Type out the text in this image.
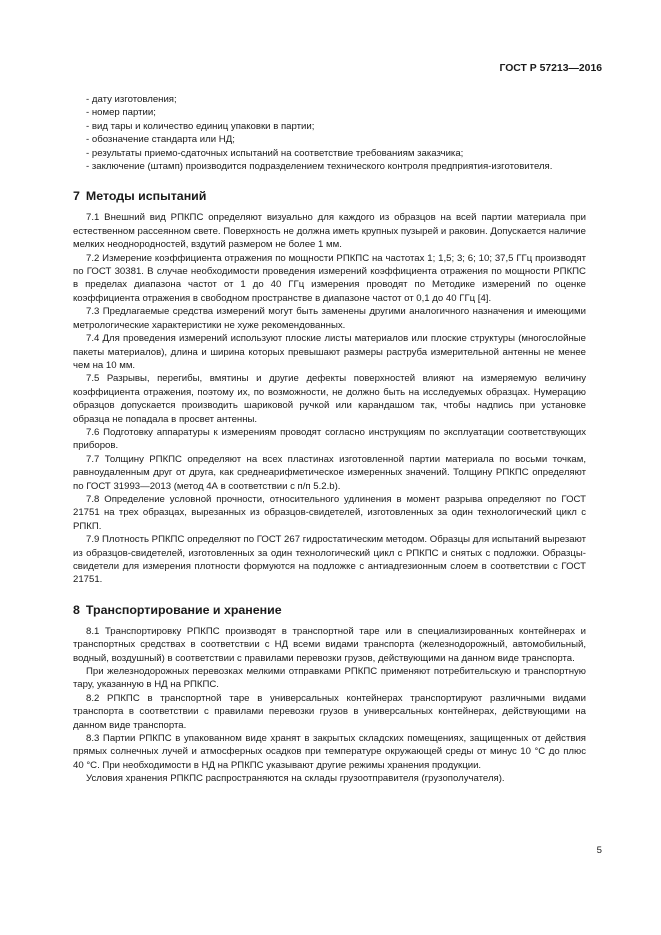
ГОСТ Р 57213—2016

- дату изготовления;

- номер партии;

- вид тары и количество единиц упаковки в партии;

- обозначение стандарта или НД;

- результаты приемо-сдаточных испытаний на соответствие требованиям заказчика;

- заключение (штамп) производится подразделением технического контроля предприятия-изготовителя.

7 Методы испытаний

7.1 Внешний вид РПКПС определяют визуально для каждого из образцов на всей партии материала при естественном рассеянном свете. Поверхность не должна иметь крупных пузырей и раковин. Допускается наличие мелких неоднородностей, вздутий размером не более 1 мм.

7.2 Измерение коэффициента отражения по мощности РПКПС на частотах 1; 1,5; 3; 6; 10; 37,5 ГГц производят по ГОСТ 30381. В случае необходимости проведения измерений коэффициента отражения по мощности РПКПС в пределах диапазона частот от 1 до 40 ГГц измерения проводят по Методике измерений по оценке коэффициента отражения в свободном пространстве в диапазоне частот от 0,1 до 40 ГГц [4].

7.3 Предлагаемые средства измерений могут быть заменены другими аналогичного назначения и имеющими метрологические характеристики не хуже рекомендованных.

7.4 Для проведения измерений используют плоские листы материалов или плоские структуры (многослойные пакеты материалов), длина и ширина которых превышают размеры раструба измерительной антенны не менее чем на 10 мм.

7.5 Разрывы, перегибы, вмятины и другие дефекты поверхностей влияют на измеряемую величину коэффициента отражения, поэтому их, по возможности, не должно быть на исследуемых образцах. Нумерацию образцов допускается производить шариковой ручкой или карандашом так, чтобы надпись при установке образца не попадала в просвет антенны.

7.6 Подготовку аппаратуры к измерениям проводят согласно инструкциям по эксплуатации соответствующих приборов.

7.7 Толщину РПКПС определяют на всех пластинах изготовленной партии материала по восьми точкам, равноудаленным друг от друга, как среднеарифметическое измеренных значений. Толщину РПКПС определяют по ГОСТ 31993—2013 (метод 4А в соответствии с п/п 5.2.b).

7.8 Определение условной прочности, относительного удлинения в момент разрыва определяют по ГОСТ 21751 на трех образцах, вырезанных из образцов-свидетелей, изготовленных за один технологический цикл с РПКП.

7.9 Плотность РПКПС определяют по ГОСТ 267 гидростатическим методом. Образцы для испытаний вырезают из образцов-свидетелей, изготовленных за один технологический цикл с РПКПС и снятых с подложки. Образцы-свидетели для измерения плотности формуются на подложке с антиадгезионным слоем в соответствии с ГОСТ 21751.

8 Транспортирование и хранение

8.1 Транспортировку РПКПС производят в транспортной таре или в специализированных контейнерах и транспортных средствах в соответствии с НД всеми видами транспорта (железнодорожный, автомобильный, водный, воздушный) в соответствии с правилами перевозки грузов, действующими на данном виде транспорта.

При железнодорожных перевозках мелкими отправками РПКПС применяют потребительскую и транспортную тару, указанную в НД на РПКПС.

8.2 РПКПС в транспортной таре в универсальных контейнерах транспортируют различными видами транспорта в соответствии с правилами перевозки грузов в универсальных контейнерах, действующими на данном виде транспорта.

8.3 Партии РПКПС в упакованном виде хранят в закрытых складских помещениях, защищенных от действия прямых солнечных лучей и атмосферных осадков при температуре окружающей среды от минус 10 °С до плюс 40 °С. При необходимости в НД на РПКПС указывают другие режимы хранения продукции.

Условия хранения РПКПС распространяются на склады грузоотправителя (грузополучателя).

5
